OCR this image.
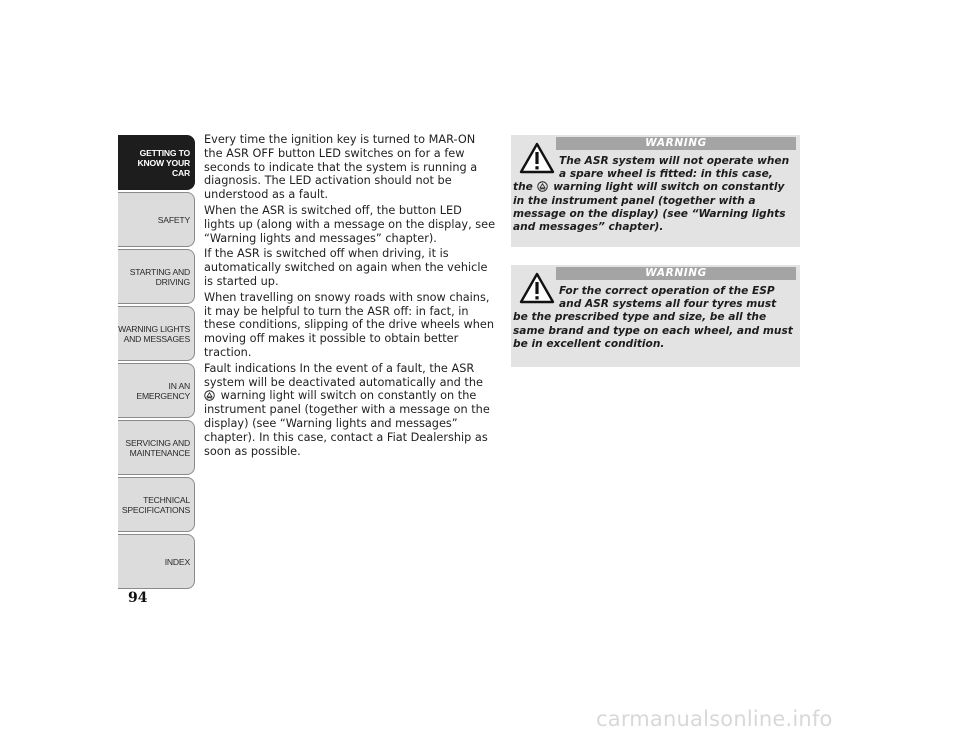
GETTING TO
KNOW YOUR CAR
SAFETY
STARTING AND
DRIVING
WARNING LIGHTS
AND MESSAGES
IN AN EMERGENCY
SERVICING AND
MAINTENANCE
TECHNICAL
SPECIFICATIONS
INDEX
94

Every time the ignition key is turned to MAR-ON the ASR OFF button LED switches on for a few seconds to indicate that the system is running a diagnosis. The LED activation should not be understood as a fault.

When the ASR is switched off, the button LED lights up (along with a message on the display, see “Warning lights and messages” chapter).

If the ASR is switched off when driving, it is automatically switched on again when the vehicle is started up.

When travelling on snowy roads with snow chains, it may be helpful to turn the ASR off: in fact, in these conditions, slipping of the drive wheels when moving off makes it possible to obtain better traction.

Fault indications In the event of a fault, the ASR system will be deactivated automatically and the
warning light will switch on constantly on the instrument panel (together with a message on the display) (see “Warning lights and messages” chapter). In this case, contact a Fiat Dealership as soon as possible.

WARNING
The ASR system will not operate when a spare wheel is fitted: in this case, the  warning light will switch on constantly in the instrument panel (together with a message on the display) (see “Warning lights and messages” chapter).
WARNING
For the correct operation of the ESP and ASR systems all four tyres must be the prescribed type and size, be all the same brand and type on each wheel, and must be in excellent condition.
carmanualsonline.info
